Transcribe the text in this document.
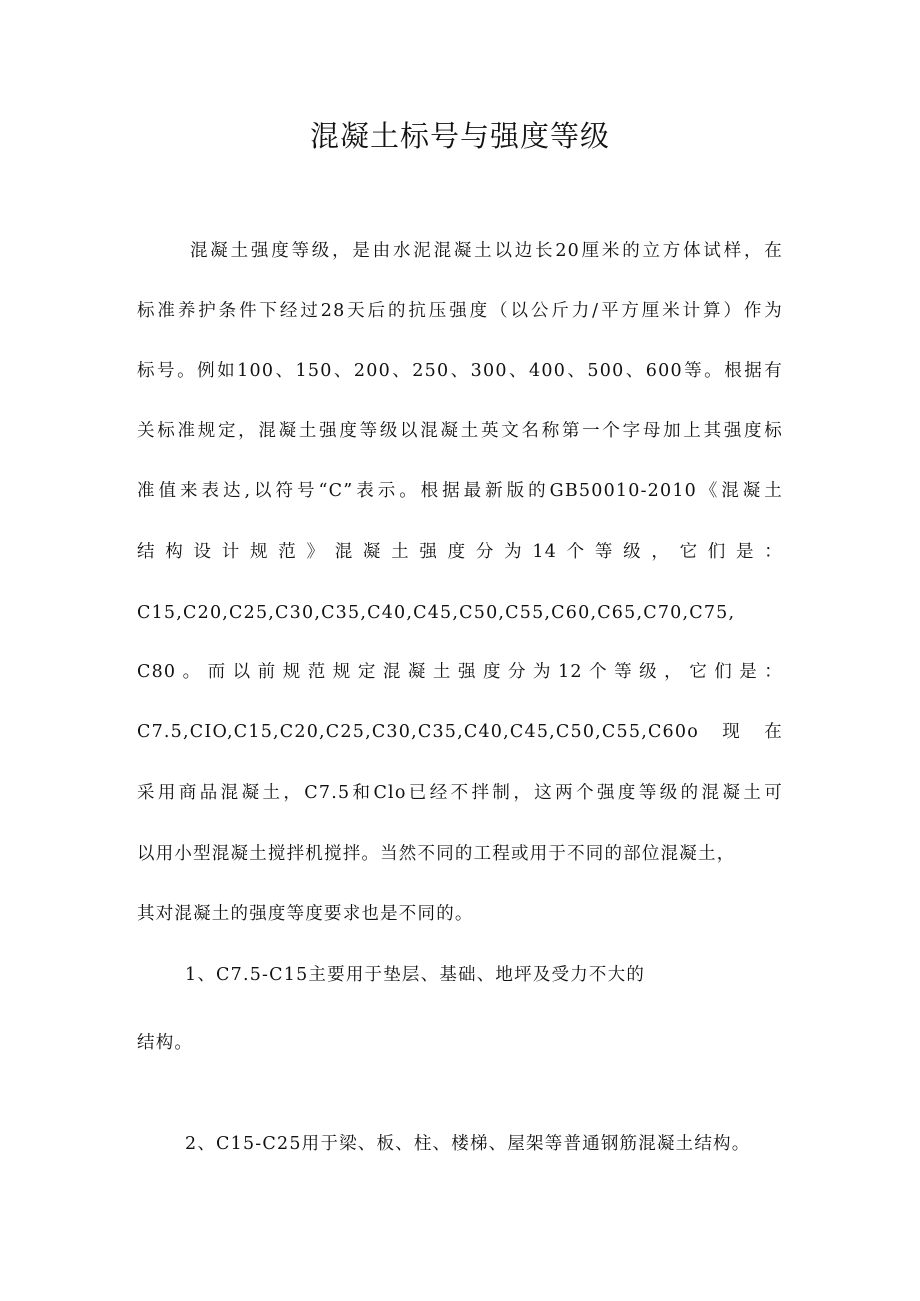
混凝土标号与强度等级

混凝土强度等级，是由水泥混凝土以边长20厘米的立方体试样，在

标准养护条件下经过28天后的抗压强度（以公斤力/平方厘米计算）作为

标号。例如100、150、200、250、300、400、500、600等。根据有

关标准规定，混凝土强度等级以混凝土英文名称第一个字母加上其强度标

准值来表达,以符号“C”表示。根据最新版的GB50010-2010《混凝土

结构设计规范》混凝土强度分为14个等级，它们是：

C15,C20,C25,C30,C35,C40,C45,C50,C55,C60,C65,C70,C75,

C80。而以前规范规定混凝土强度分为12个等级，它们是：

C7.5,CIO,C15,C20,C25,C30,C35,C40,C45,C50,C55,C60o现在

采用商品混凝土，C7.5和Clo已经不拌制，这两个强度等级的混凝土可

以用小型混凝土搅拌机搅拌。当然不同的工程或用于不同的部位混凝土，

其对混凝土的强度等度要求也是不同的。

1、C7.5-C15主要用于垫层、基础、地坪及受力不大的

结构。

2、C15-C25用于梁、板、柱、楼梯、屋架等普通钢筋混凝土结构。
